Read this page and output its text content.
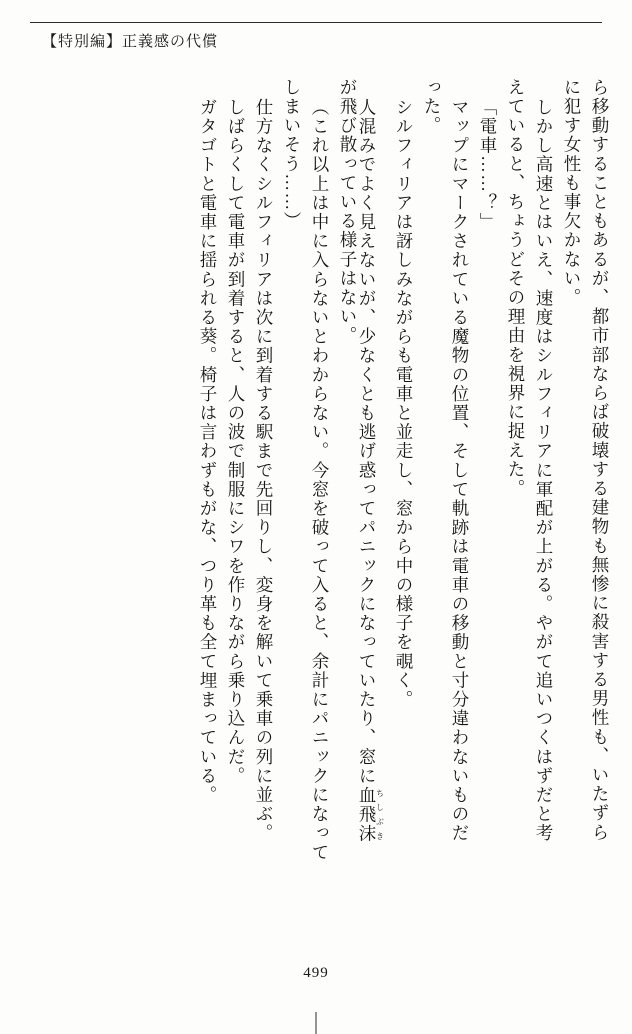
【特別編】正義感の代償
ら移動することもあるが、都市部ならば破壊する建物も無惨に殺害する男性も、いたずら
に犯す女性も事欠かない。
しかし高速とはいえ、速度はシルフィリアに軍配が上がる。やがて追いつくはずだと考
えていると、ちょうどその理由を視界に捉えた。
「電車……？」
マップにマークされている魔物の位置、そして軌跡は電車の移動と寸分違わないものだ
った。
シルフィリアは訝しみながらも電車と並走し、窓から中の様子を覗く。
人混みでよく見えないが、少なくとも逃げ惑ってパニックになっていたり、窓に血飛沫ちしぶき
が飛び散っている様子はない。
（これ以上は中に入らないとわからない。今窓を破って入ると、余計にパニックになって
しまいそう……）
仕方なくシルフィリアは次に到着する駅まで先回りし、変身を解いて乗車の列に並ぶ。
しばらくして電車が到着すると、人の波で制服にシワを作りながら乗り込んだ。
ガタゴトと電車に揺られる葵。椅子は言わずもがな、つり革も全て埋まっている。
499
